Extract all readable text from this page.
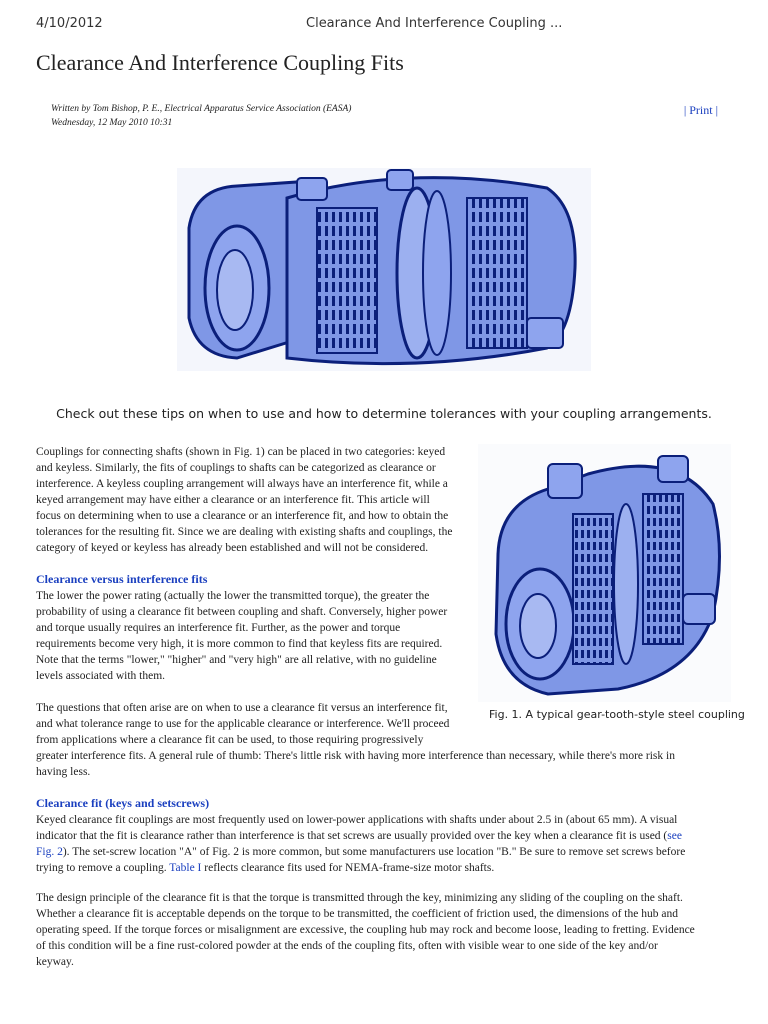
4/10/2012	Clearance And Interference Coupling ...
Clearance And Interference Coupling Fits
Written by Tom Bishop, P. E., Electrical Apparatus Service Association (EASA)
Wednesday, 12 May 2010 10:31
| Print |
Check out these tips on when to use and how to determine tolerances with your coupling arrangements.
Couplings for connecting shafts (shown in Fig. 1) can be placed in two categories: keyed
and keyless. Similarly, the fits of couplings to shafts can be categorized as clearance or
interference. A keyless coupling arrangement will always have an interference fit, while a
keyed arrangement may have either a clearance or an interference fit. This article will
focus on determining when to use a clearance or an interference fit, and how to obtain the
tolerances for the resulting fit. Since we are dealing with existing shafts and couplings, the
category of keyed or keyless has already been established and will not be considered.
Clearance versus interference fits
The lower the power rating (actually the lower the transmitted torque), the greater the
probability of using a clearance fit between coupling and shaft. Conversely, higher power
and torque usually requires an interference fit. Further, as the power and torque
requirements become very high, it is more common to find that keyless fits are required.
Note that the terms "lower," "higher" and "very high" are all relative, with no guideline
levels associated with them.
The questions that often arise are on when to use a clearance fit versus an interference fit,
and what tolerance range to use for the applicable clearance or interference. We'll proceed
from applications where a clearance fit can be used, to those requiring progressively
greater interference fits. A general rule of thumb: There's little risk with having more interference than necessary, while there's more risk in
having less.
Fig. 1. A typical gear-tooth-style steel coupling
Clearance fit (keys and setscrews)
Keyed clearance fit couplings are most frequently used on lower-power applications with shafts under about 2.5 in (about 65 mm). A visual
indicator that the fit is clearance rather than interference is that set screws are usually provided over the key when a clearance fit is used (see
Fig. 2). The set-screw location "A" of Fig. 2 is more common, but some manufacturers use location "B." Be sure to remove set screws before
trying to remove a coupling. Table I reflects clearance fits used for NEMA-frame-size motor shafts.
The design principle of the clearance fit is that the torque is transmitted through the key, minimizing any sliding of the coupling on the shaft.
Whether a clearance fit is acceptable depends on the torque to be transmitted, the coefficient of friction used, the dimensions of the hub and
operating speed. If the torque forces or misalignment are excessive, the coupling hub may rock and become loose, leading to fretting. Evidence
of this condition will be a fine rust-colored powder at the ends of the coupling fits, often with visible wear to one side of the key and/or
keyway.
